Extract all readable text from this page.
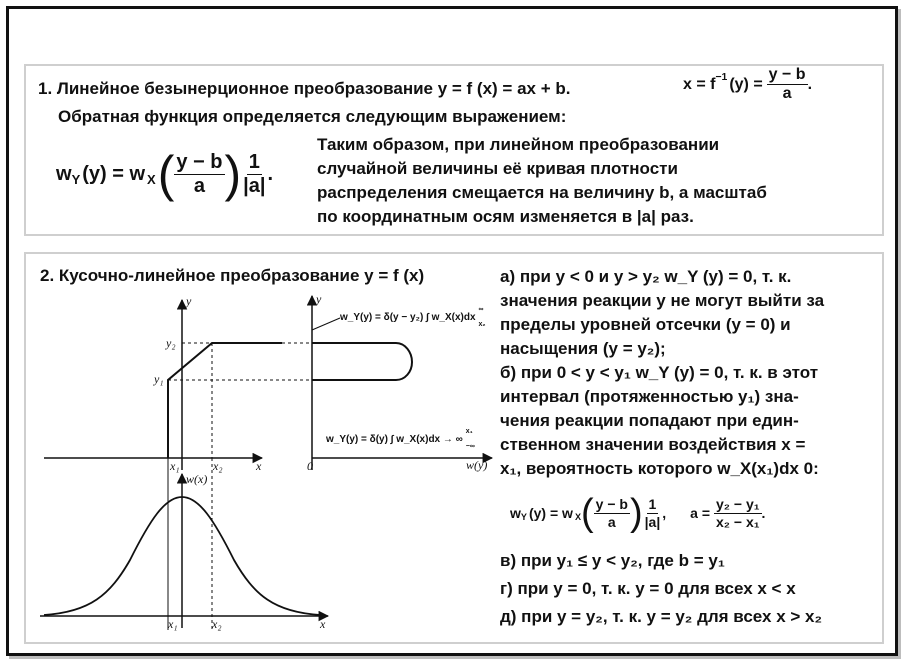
1. Линейное безынерционное преобразование y = f (x) = ax + b.	$x = f^{-1}$ $(y) = \frac{y - b}{a}$ .
Обратная функция определяется следующим выражением:
$w_Y$ $(y) = w_X$ ( $\frac{y - b}{a}$ ) $\frac{1}{|a|}$ .
Таким образом, при линейном преобразовании
случайной величины её кривая плотности
распределения смещается на величину b, а масштаб
по координатным осям изменяется в |a| раз.
2. Кусочно-линейное преобразование y = f (x)
y
y₂
y₁
x₁	x₂	x	0	w(y)
y
w(x)
x₁	x₂	x
w_Y(y) = δ(y − y₂) ∫ w_X(x)dx
∞
x₂
w_Y(y) = δ(y) ∫ w_X(x)dx → ∞
x₁
−∞
а) при y < 0 и y > y₂ w_Y (y) = 0, т. к.
значения реакции y не могут выйти за
пределы уровней отсечки (y = 0) и
насыщения (y = y₂);
б) при 0 < y < y₁ w_Y (y) = 0, т. к. в этот
интервал (протяженностью y₁) зна-
чения реакции попадают при един-
ственном значении воздействия x =
x₁, вероятность которого w_X(x₁)dx 0:
$w_Y$ $(y) = w_X$ ( $\frac{y - b}{a}$ ) $\frac{1}{|a|}$ , $a = \frac{\text{y₂ − y₁}}{\text{x₂ − x₁}}$ .
в) при y₁ ≤ y < y₂, где b = y₁
г) при y = 0, т. к. y = 0 для всех x < x
д) при y = y₂, т. к. y = y₂ для всех x > x₂
